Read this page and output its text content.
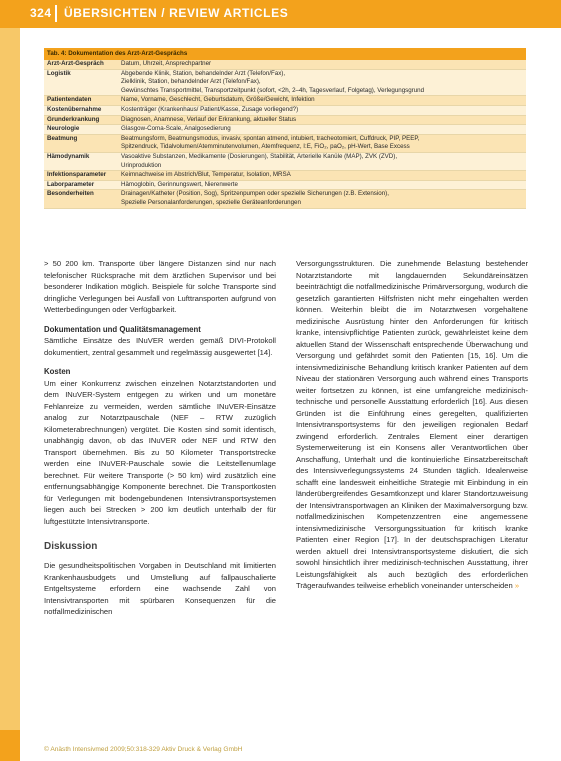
324 ÜBERSICHTEN / REVIEW ARTICLES
Tab. 4: Dokumentation des Arzt-Arzt-Gesprächs
Arzt-Arzt-Gespräch	Datum, Uhrzeit, Ansprechpartner
Logistik	Abgebende Klinik, Station, behandelnder Arzt (Telefon/Fax),
Zielklinik, Station, behandelnder Arzt (Telefon/Fax),
Gewünschtes Transportmittel, Transportzeitpunkt (sofort, <2h, 2–4h, Tagesverlauf, Folgetag), Verlegungsgrund
Patientendaten	Name, Vorname, Geschlecht, Geburtsdatum, Größe/Gewicht, Infektion
Kostenübernahme	Kostenträger (Krankenhaus/ Patient/Kasse, Zusage vorliegend?)
Grunderkrankung	Diagnosen, Anamnese, Verlauf der Erkrankung, aktueller Status
Neurologie	Glasgow-Coma-Scale, Analgosedierung
Beatmung	Beatmungsform, Beatmungsmodus, invasiv, spontan atmend, intubiert, tracheotomiert, Cuffdruck, PIP, PEEP,
Spitzendruck, Tidalvolumen/Atemminutenvolumen, Atemfrequenz, I:E, FiO₂, paO₂, pH-Wert, Base Excess
Hämodynamik	Vasoaktive Substanzen, Medikamente (Dosierungen), Stabilität, Arterielle Kanüle (MAP), ZVK (ZVD),
Urinproduktion
Infektionsparameter	Keimnachweise im Abstrich/Blut, Temperatur, Isolation, MRSA
Laborparameter	Hämoglobin, Gerinnungswert, Nierenwerte
Besonderheiten	Drainagen/Katheter (Position, Sog), Spritzenpumpen oder spezielle Sicherungen (z.B. Extension),
Spezielle Personalanforderungen, spezielle Geräteanforderungen

> 50 200 km. Transporte über längere Distanzen sind nur nach telefonischer Rücksprache mit dem ärztlichen Supervisor und bei besonderer Indikation möglich. Beispiele für solche Transporte sind dringliche Verlegungen bei Ausfall von Lufttransporten aufgrund von Wetterbedingungen oder Verfügbarkeit.

Dokumentation und Qualitätsmanagement

Sämtliche Einsätze des INuVER werden gemäß DIVI-Protokoll dokumentiert, zentral gesammelt und regelmässig ausgewertet [14].

Kosten

Um einer Konkurrenz zwischen einzelnen Notarztstandorten und dem INuVER-System entgegen zu wirken und um monetäre Fehlanreize zu vermeiden, werden sämtliche INuVER-Einsätze analog zur Notarztpauschale (NEF – RTW zuzüglich Kilometerabrechnungen) vergütet. Die Kosten sind somit identisch, unabhängig davon, ob das INuVER oder NEF und RTW den Transport übernehmen. Bis zu 50 Kilometer Transportstrecke werden eine INuVER-Pauschale sowie die Leitstellenumlage berechnet. Für weitere Transporte (> 50 km) wird zusätzlich eine entfernungsabhängige Komponente berechnet. Die Transportkosten für Verlegungen mit bodengebundenen Intensivtransportsystemen liegen auch bei Strecken > 200 km deutlich unterhalb der für luftgestützte Intensivtransporte.

Diskussion

Die gesundheitspolitischen Vorgaben in Deutschland mit limitierten Krankenhausbudgets und Umstellung auf fallpauschalierte Entgeltsysteme erfordern eine wachsende Zahl von Intensivtransporten mit spürbaren Konsequenzen für die notfallmedizinischen

Versorgungsstrukturen. Die zunehmende Belastung bestehender Notarztstandorte mit langdauernden Sekundäreinsätzen beeinträchtigt die notfallmedizinische Primärversorgung, wodurch die gesetzlich garantierten Hilfsfristen nicht mehr eingehalten werden können. Weiterhin bleibt die im Notarztwesen vorgehaltene medizinische Ausrüstung hinter den Anforderungen für kritisch kranke, intensivpflichtige Patienten zurück, gewährleistet keine dem aktuellen Stand der Wissenschaft entsprechende Überwachung und Versorgung und gefährdet somit den Patienten [15, 16]. Um die intensivmedizinische Behandlung kritisch kranker Patienten auf dem Niveau der stationären Versorgung auch während eines Transports weiter fortsetzen zu können, ist eine umfangreiche medizinisch-technische und personelle Ausstattung erforderlich [16]. Aus diesen Gründen ist die Einführung eines geregelten, qualifizierten Intensivtransportsystems für den jeweiligen regionalen Bedarf zwingend erforderlich. Zentrales Element einer derartigen Systemerweiterung ist ein Konsens aller Verantwortlichen über Anschaffung, Unterhalt und die kontinuierliche Einsatzbereitschaft des Intensivverlegungssystems 24 Stunden täglich. Idealerweise schafft eine landesweit einheitliche Strategie mit Einbindung in ein länderübergreifendes Gesamtkonzept und klarer Standortzuweisung der Intensivtransportwagen an Kliniken der Maximalversorgung bzw. notfallmedizinischen Kompetenzzentren eine angemessene intensivmedizinische Versorgungssituation für kritisch kranke Patienten einer Region [17]. In der deutschsprachigen Literatur werden aktuell drei Intensivtransportsysteme diskutiert, die sich sowohl hinsichtlich ihrer medizinisch-technischen Ausstattung, ihrer Leistungsfähigkeit als auch bezüglich des erforderlichen Trägeraufwandes teilweise erheblich voneinander unterscheiden »

© Anästh Intensivmed 2009;50:318-329 Aktiv Druck & Verlag GmbH
